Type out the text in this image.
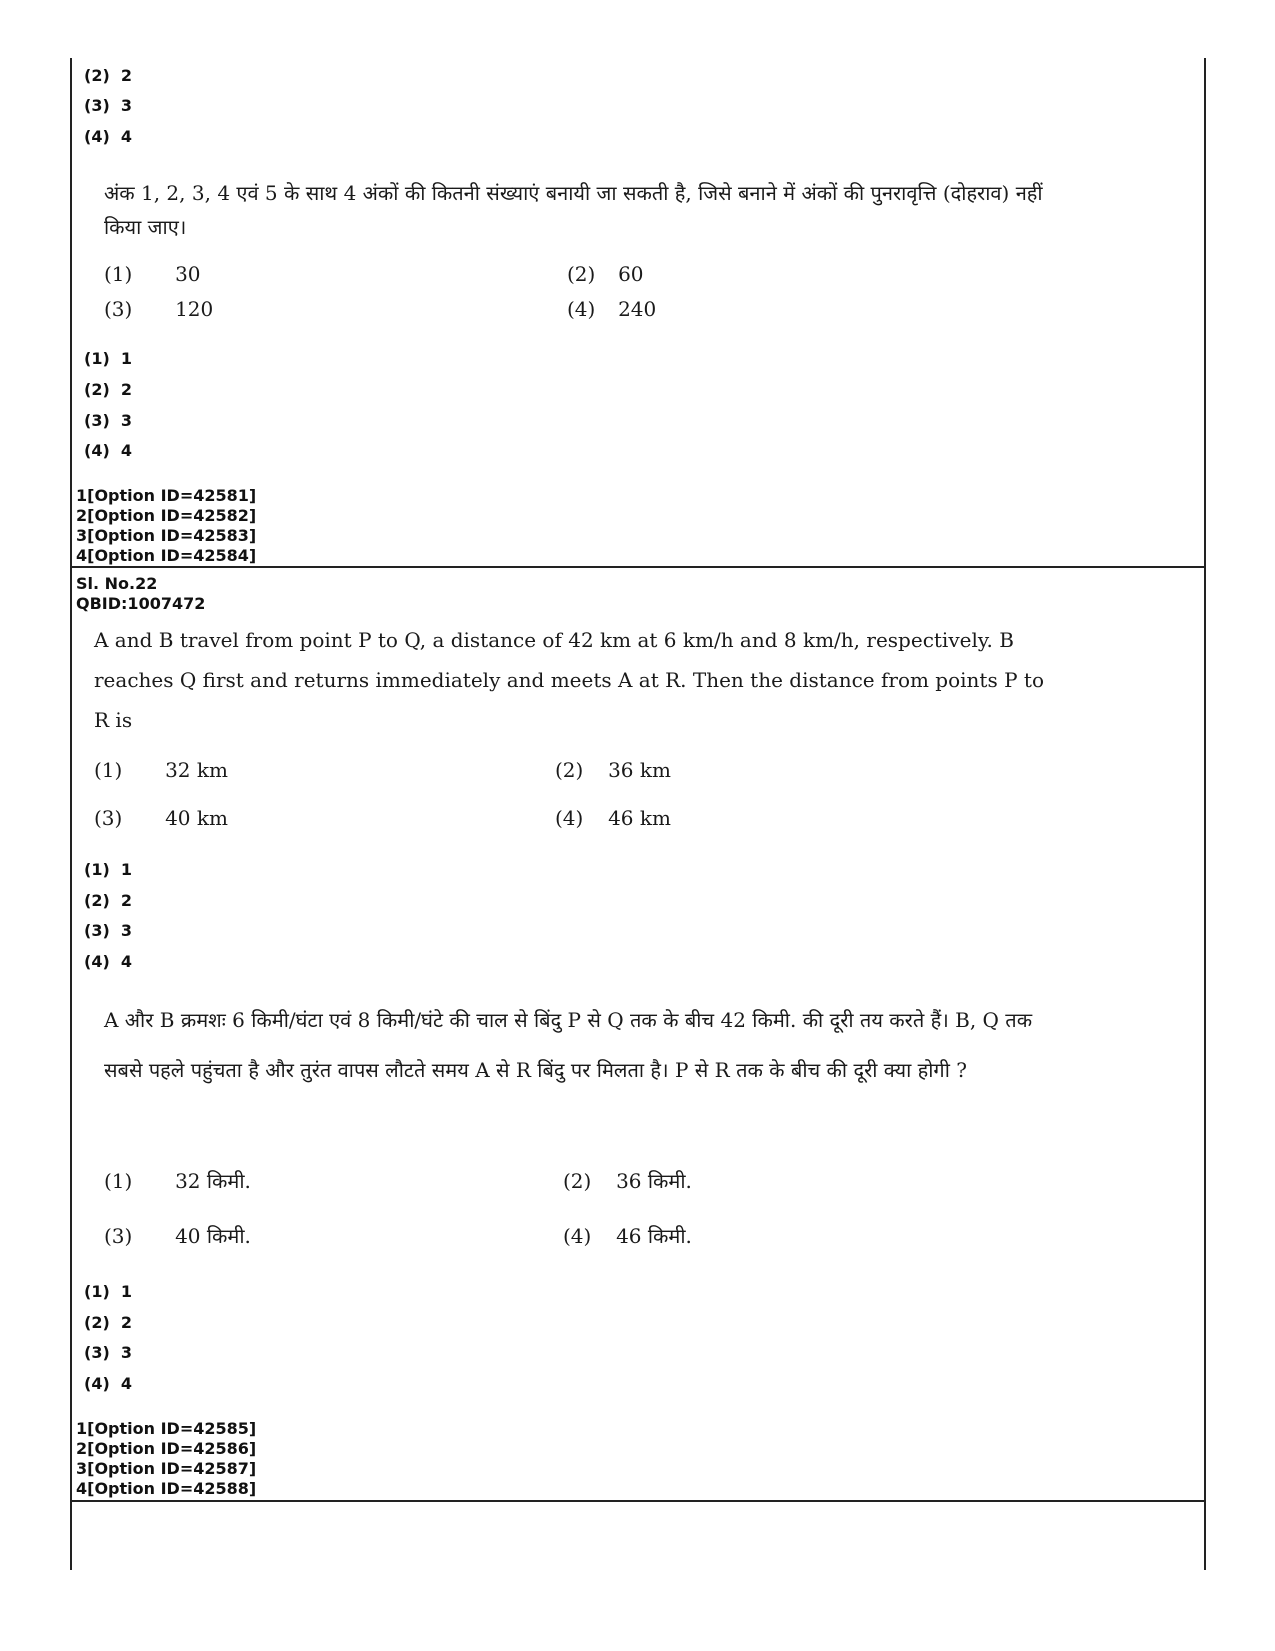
(2) 2
(3) 3
(4) 4
अंक 1, 2, 3, 4 एवं 5 के साथ 4 अंकों की कितनी संख्याएं बनायी जा सकती है, जिसे बनाने में अंकों की पुनरावृत्ति (दोहराव) नहीं किया जाए।
(1) 30	(2) 60
(3) 120	(4) 240
(1) 1
(2) 2
(3) 3
(4) 4
1[Option ID=42581]
2[Option ID=42582]
3[Option ID=42583]
4[Option ID=42584]
Sl. No.22
QBID:1007472
A and B travel from point P to Q, a distance of 42 km at 6 km/h and 8 km/h, respectively. B reaches Q first and returns immediately and meets A at R. Then the distance from points P to R is
(1) 32 km	(2) 36 km
(3) 40 km	(4) 46 km
(1) 1
(2) 2
(3) 3
(4) 4
A और B क्रमशः 6 किमी/घंटा एवं 8 किमी/घंटे की चाल से बिंदु P से Q तक के बीच 42 किमी. की दूरी तय करते हैं। B, Q तक सबसे पहले पहुंचता है और तुरंत वापस लौटते समय A से R बिंदु पर मिलता है। P से R तक के बीच की दूरी क्या होगी ?
(1) 32 किमी.	(2) 36 किमी.
(3) 40 किमी.	(4) 46 किमी.
(1) 1
(2) 2
(3) 3
(4) 4
1[Option ID=42585]
2[Option ID=42586]
3[Option ID=42587]
4[Option ID=42588]
